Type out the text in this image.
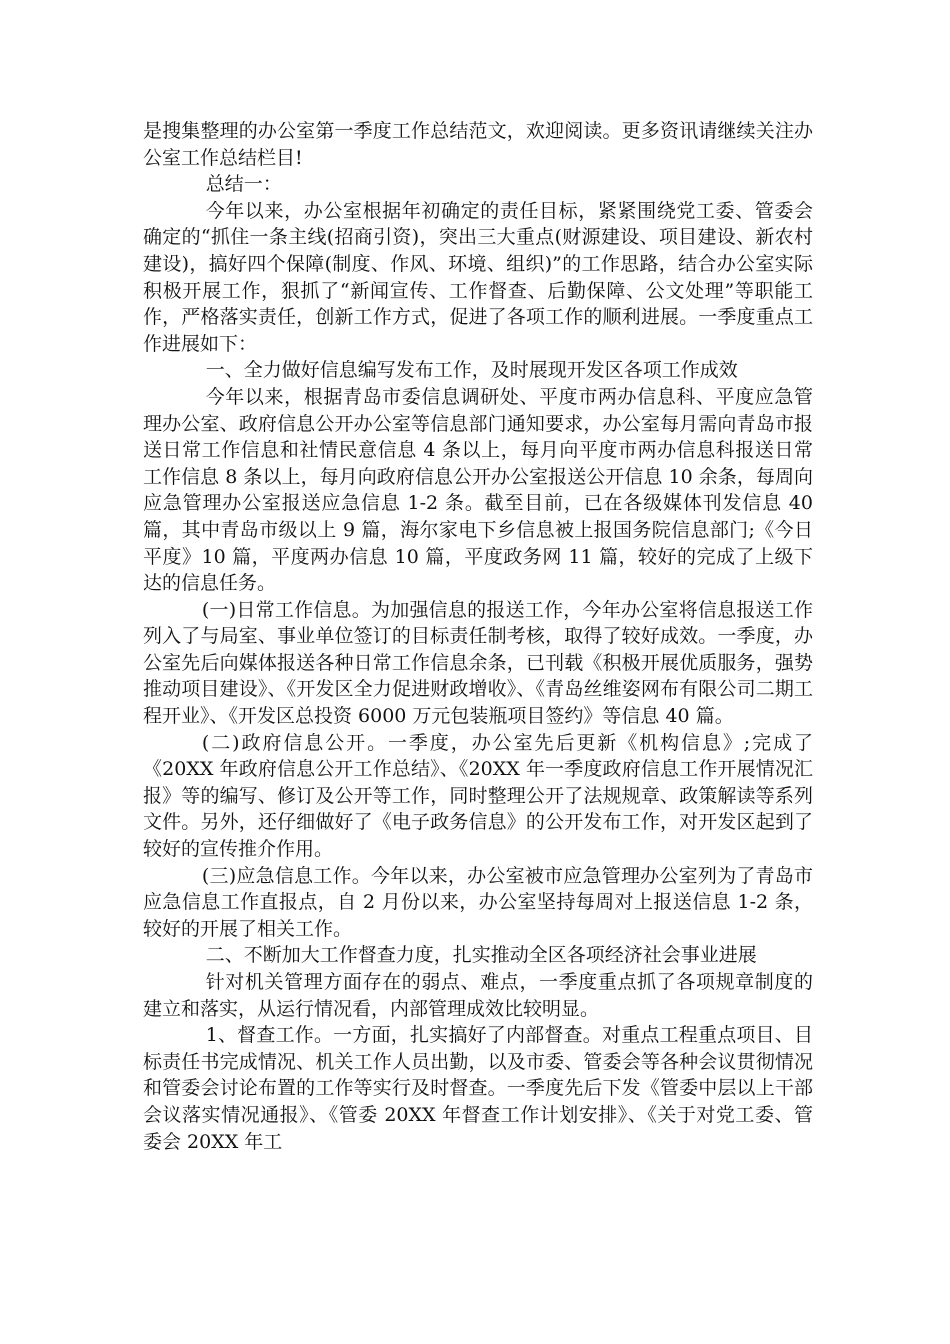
是搜集整理的办公室第一季度工作总结范文，欢迎阅读。更多资讯请继续关注办公室工作总结栏目!

总结一：

今年以来，办公室根据年初确定的责任目标，紧紧围绕党工委、管委会确定的“抓住一条主线(招商引资)，突出三大重点(财源建设、项目建设、新农村建设)，搞好四个保障(制度、作风、环境、组织)”的工作思路，结合办公室实际积极开展工作，狠抓了“新闻宣传、工作督查、后勤保障、公文处理”等职能工作，严格落实责任，创新工作方式，促进了各项工作的顺利进展。一季度重点工作进展如下：

一、全力做好信息编写发布工作，及时展现开发区各项工作成效

今年以来，根据青岛市委信息调研处、平度市两办信息科、平度应急管理办公室、政府信息公开办公室等信息部门通知要求，办公室每月需向青岛市报送日常工作信息和社情民意信息 4 条以上，每月向平度市两办信息科报送日常工作信息 8 条以上，每月向政府信息公开办公室报送公开信息 10 余条，每周向应急管理办公室报送应急信息 1-2 条。截至目前，已在各级媒体刊发信息 40 篇，其中青岛市级以上 9 篇，海尔家电下乡信息被上报国务院信息部门;《今日平度》10 篇，平度两办信息 10 篇，平度政务网 11 篇，较好的完成了上级下达的信息任务。

(一)日常工作信息。为加强信息的报送工作，今年办公室将信息报送工作列入了与局室、事业单位签订的目标责任制考核，取得了较好成效。一季度，办公室先后向媒体报送各种日常工作信息余条，已刊载《积极开展优质服务，强势推动项目建设》、《开发区全力促进财政增收》、《青岛丝维姿网布有限公司二期工程开业》、《开发区总投资 6000 万元包装瓶项目签约》等信息 40 篇。

(二)政府信息公开。一季度，办公室先后更新《机构信息》;完成了《20XX 年政府信息公开工作总结》、《20XX 年一季度政府信息工作开展情况汇报》等的编写、修订及公开等工作，同时整理公开了法规规章、政策解读等系列文件。另外，还仔细做好了《电子政务信息》的公开发布工作，对开发区起到了较好的宣传推介作用。

(三)应急信息工作。今年以来，办公室被市应急管理办公室列为了青岛市应急信息工作直报点，自 2 月份以来，办公室坚持每周对上报送信息 1-2 条，较好的开展了相关工作。

二、不断加大工作督查力度，扎实推动全区各项经济社会事业进展

针对机关管理方面存在的弱点、难点，一季度重点抓了各项规章制度的建立和落实，从运行情况看，内部管理成效比较明显。

1、督查工作。一方面，扎实搞好了内部督查。对重点工程重点项目、目标责任书完成情况、机关工作人员出勤，以及市委、管委会等各种会议贯彻情况和管委会讨论布置的工作等实行及时督查。一季度先后下发《管委中层以上干部会议落实情况通报》、《管委 20XX 年督查工作计划安排》、《关于对党工委、管委会 20XX 年工
